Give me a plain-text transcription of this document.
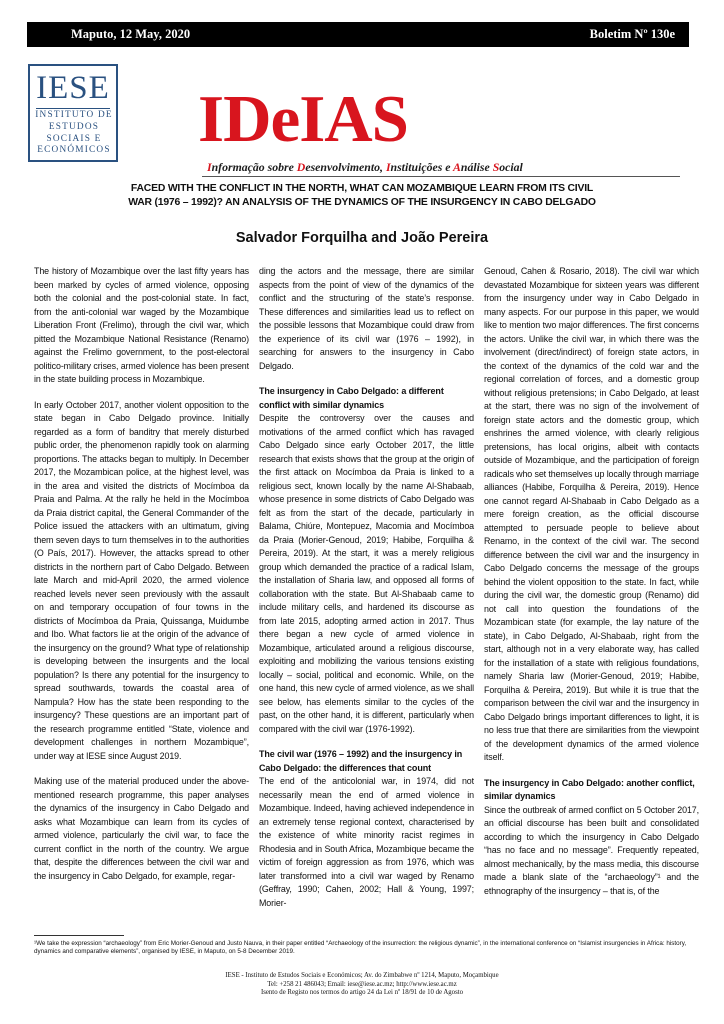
Maputo, 12 May, 2020	Boletim Nº 130e
IESE
INSTITUTO DE
ESTUDOS
SOCIAIS E
ECONÓMICOS IDeIAS
Informação sobre Desenvolvimento, Instituições e Análise Social
FACED WITH THE CONFLICT IN THE NORTH, WHAT CAN MOZAMBIQUE LEARN FROM ITS CIVIL
WAR (1976 – 1992)? AN ANALYSIS OF THE DYNAMICS OF THE INSURGENCY IN CABO DELGADO
Salvador Forquilha and João Pereira

The history of Mozambique over the last fifty years has been marked by cycles of armed violence, opposing both the colonial and the post-colonial state. In fact, from the anti-colonial war waged by the Mozambique Liberation Front (Frelimo), through the civil war, which pitted the Mozambique National Resistance (Renamo) against the Frelimo government, to the post-electoral politico-military crises, armed violence has been present in the state building process in Mozambique.

In early October 2017, another violent opposition to the state began in Cabo Delgado province. Initially regarded as a form of banditry that merely disturbed public order, the phenomenon rapidly took on alarming proportions. The attacks began to multiply. In December 2017, the Mozambican police, at the highest level, was in the area and visited the districts of Mocímboa da Praia and Palma. At the rally he held in the Mocímboa da Praia district capital, the General Commander of the Police issued the attackers with an ultimatum, giving them seven days to turn themselves in to the authorities (O País, 2017). However, the attacks spread to other districts in the northern part of Cabo Delgado. Between late March and mid-April 2020, the armed violence reached levels never seen previously with the assault on and temporary occupation of four towns in the districts of Mocímboa da Praia, Quissanga, Muidumbe and Ibo. What factors lie at the origin of the advance of the insurgency on the ground? What type of relationship is developing between the insurgents and the local population? Is there any potential for the insurgency to spread southwards, towards the coastal area of Nampula? How has the state been responding to the insurgency? These questions are an important part of the research programme entitled “State, violence and development challenges in northern Mozambique”, under way at IESE since August 2019.

Making use of the material produced under the above-mentioned research programme, this paper analyses the dynamics of the insurgency in Cabo Delgado and asks what Mozambique can learn from its cycles of armed violence, particularly the civil war, to face the current conflict in the north of the country. We argue that, despite the differences between the civil war and the insurgency in Cabo Delgado, for example, regar-

ding the actors and the message, there are similar aspects from the point of view of the dynamics of the conflict and the structuring of the state’s response. These differences and similarities lead us to reflect on the possible lessons that Mozambique could draw from the experience of its civil war (1976 – 1992), in searching for answers to the insurgency in Cabo Delgado.

The insurgency in Cabo Delgado: a different conflict with similar dynamics

Despite the controversy over the causes and motivations of the armed conflict which has ravaged Cabo Delgado since early October 2017, the little research that exists shows that the group at the origin of the first attack on Mocímboa da Praia is linked to a religious sect, known locally by the name Al-Shabaab, whose presence in some districts of Cabo Delgado was felt as from the start of the decade, particularly in Balama, Chiúre, Montepuez, Macomia and Mocímboa da Praia (Morier-Genoud, 2019; Habibe, Forquilha & Pereira, 2019). At the start, it was a merely religious group which demanded the practice of a radical Islam, the installation of Sharia law, and opposed all forms of collaboration with the state. But Al-Shabaab came to include military cells, and hardened its discourse as from late 2015, adopting armed action in 2017. Thus there began a new cycle of armed violence in Mozambique, articulated around a religious discourse, exploiting and mobilizing the various tensions existing locally – social, political and economic. While, on the one hand, this new cycle of armed violence, as we shall see below, has elements similar to the cycles of the past, on the other hand, it is different, particularly when compared with the civil war (1976-1992).

The civil war (1976 – 1992) and the insurgency in Cabo Delgado: the differences that count

The end of the anticolonial war, in 1974, did not necessarily mean the end of armed violence in Mozambique. Indeed, having achieved independence in an extremely tense regional context, characterised by the existence of white minority racist regimes in Rhodesia and in South Africa, Mozambique became the victim of foreign aggression as from 1976, which was later transformed into a civil war waged by Renamo (Geffray, 1990; Cahen, 2002; Hall & Young, 1997; Morier-

Genoud, Cahen & Rosario, 2018). The civil war which devastated Mozambique for sixteen years was different from the insurgency under way in Cabo Delgado in many aspects. For our purpose in this paper, we would like to mention two major differences. The first concerns the actors. Unlike the civil war, in which there was the involvement (direct/indirect) of foreign state actors, in the context of the dynamics of the cold war and the regional correlation of forces, and a domestic group without religious pretensions; in Cabo Delgado, at least at the start, there was no sign of the involvement of foreign state actors and the domestic group, which enshrines the armed violence, with clearly religious pretensions, has local origins, albeit with contacts outside of Mozambique, and the participation of foreign radicals who set themselves up locally through marriage alliances (Habibe, Forquilha & Pereira, 2019). Hence one cannot regard Al-Shabaab in Cabo Delgado as a mere foreign creation, as the official discourse attempted to persuade people to believe about Renamo, in the context of the civil war. The second difference between the civil war and the insurgency in Cabo Delgado concerns the message of the groups behind the violent opposition to the state. In fact, while during the civil war, the domestic group (Renamo) did not call into question the foundations of the Mozambican state (for example, the lay nature of the state), in Cabo Delgado, Al-Shabaab, right from the start, although not in a very elaborate way, has called for the installation of a state with religious foundations, namely Sharia law (Morier-Genoud, 2019; Habibe, Forquilha & Pereira, 2019). But while it is true that the comparison between the civil war and the insurgency in Cabo Delgado brings important differences to light, it is no less true that there are similarities from the viewpoint of the development dynamics of the armed violence itself.

The insurgency in Cabo Delgado: another conflict, similar dynamics

Since the outbreak of armed conflict on 5 October 2017, an official discourse has been built and consolidated according to which the insurgency in Cabo Delgado “has no face and no message”. Frequently repeated, almost mechanically, by the mass media, this discourse made a blank slate of the “archaeology”¹ and the ethnography of the insurgency – that is, of the

¹We take the expression “archaeology” from Eric Morier-Genoud and Justo Nauva, in their paper entitled “Archaeology of the insurrection: the religious dynamic”, in the international conference on “Islamist insurgencies in Africa: history, dynamics and comparative elements”, organised by IESE, in Maputo, on 5-8 December 2019.
IESE - Instituto de Estudos Sociais e Económicos; Av. do Zimbabwe nº 1214, Maputo, Moçambique
Tel: +258 21 486043; Email: iese@iese.ac.mz; http://www.iese.ac.mz
Isento de Registo nos termos do artigo 24 da Lei nº 18/91 de 10 de Agosto
